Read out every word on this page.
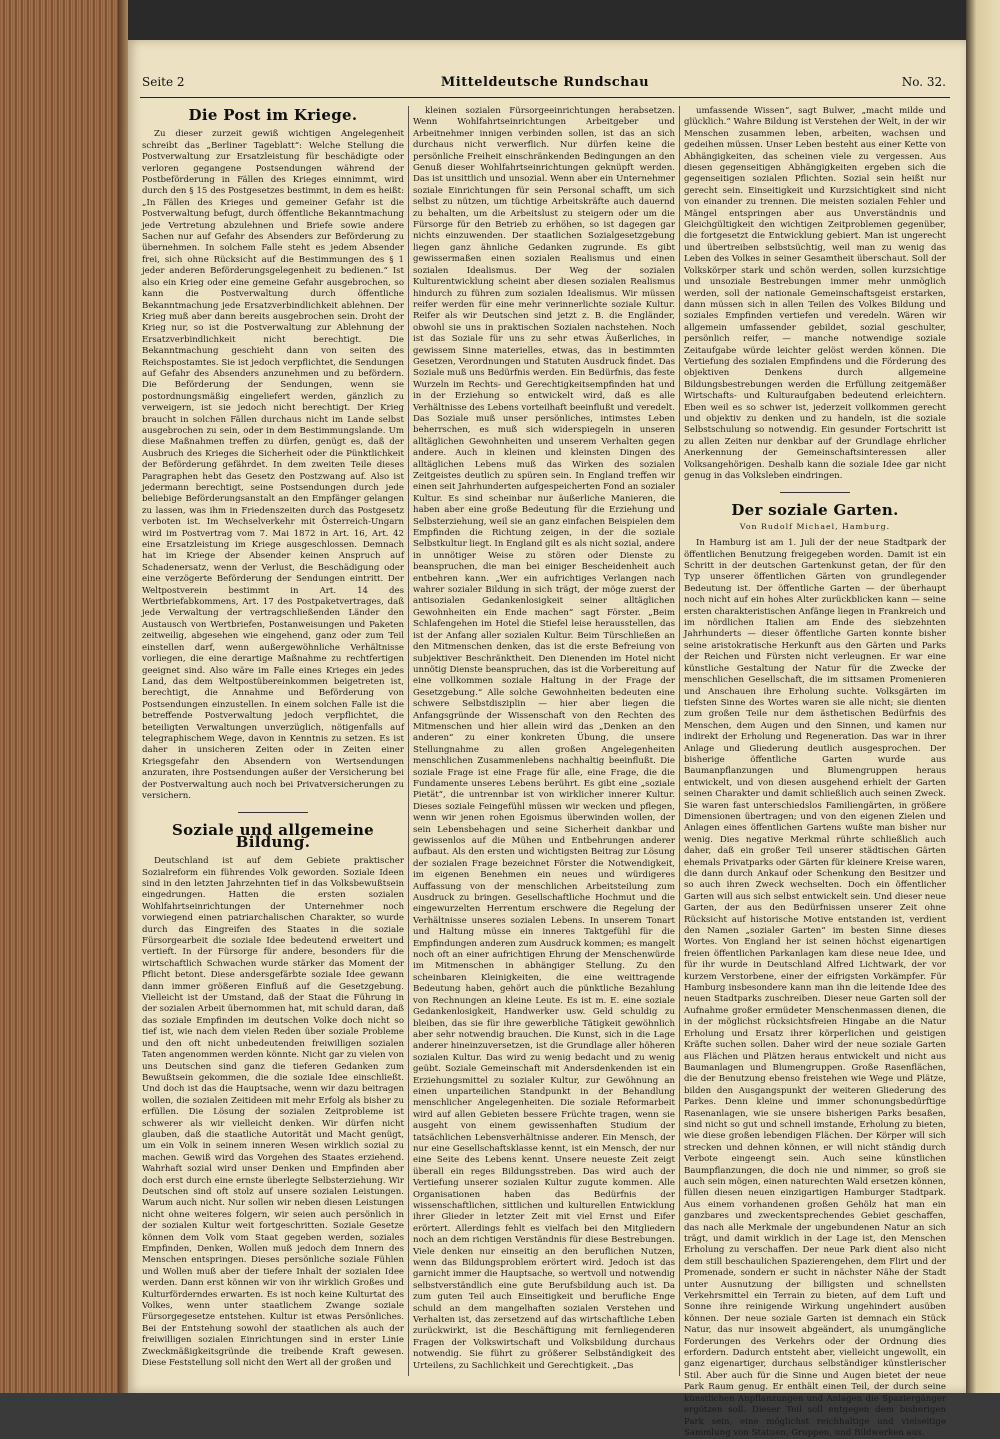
Seite 2	Mitteldeutsche Rundschau	No. 32.
Die Post im Kriege.

Zu dieser zurzeit gewiß wichtigen Angelegenheit schreibt das „Berliner Tageblatt“: Welche Stellung die Postverwaltung zur Ersatzleistung für beschädigte oder verloren gegangene Postsendungen während der Postbeförderung in Fällen des Krieges einnimmt, wird durch den § 15 des Postgesetzes bestimmt, in dem es heißt: „In Fällen des Krieges und gemeiner Gefahr ist die Postverwaltung befugt, durch öffentliche Bekanntmachung jede Vertretung abzulehnen und Briefe sowie andere Sachen nur auf Gefahr des Absenders zur Beförderung zu übernehmen. In solchem Falle steht es jedem Absender frei, sich ohne Rücksicht auf die Bestimmungen des § 1 jeder anderen Beförderungsgelegenheit zu bedienen.“ Ist also ein Krieg oder eine gemeine Gefahr ausgebrochen, so kann die Postverwaltung durch öffentliche Bekanntmachung jede Ersatzverbindlichkeit ablehnen. Der Krieg muß aber dann bereits ausgebrochen sein. Droht der Krieg nur, so ist die Postverwaltung zur Ablehnung der Ersatzverbindlichkeit nicht berechtigt. Die Bekanntmachung geschieht dann von seiten des Reichspostamtes. Sie ist jedoch verpflichtet, die Sendungen auf Gefahr des Absenders anzunehmen und zu befördern. Die Beförderung der Sendungen, wenn sie postordnungsmäßig eingeliefert werden, gänzlich zu verweigern, ist sie jedoch nicht berechtigt. Der Krieg braucht in solchen Fällen durchaus nicht im Lande selbst ausgebrochen zu sein, oder in dem Bestimmungslande. Um diese Maßnahmen treffen zu dürfen, genügt es, daß der Ausbruch des Krieges die Sicherheit oder die Pünktlichkeit der Beförderung gefährdet. In dem zweiten Teile dieses Paragraphen hebt das Gesetz den Postzwang auf. Also ist jedermann berechtigt, seine Postsendungen durch jede beliebige Beförderungsanstalt an den Empfänger gelangen zu lassen, was ihm in Friedenszeiten durch das Postgesetz verboten ist. Im Wechselverkehr mit Österreich-Ungarn wird im Postvertrag vom 7. Mai 1872 in Art. 16, Art. 42 eine Ersatzleistung im Kriege ausgeschlossen. Demnach hat im Kriege der Absender keinen Anspruch auf Schadenersatz, wenn der Verlust, die Beschädigung oder eine verzögerte Beförderung der Sendungen eintritt. Der Weltpostverein bestimmt in Art. 14 des Wertbriefabkommens, Art. 17 des Postpaketvertrages, daß jede Verwaltung der vertragschließenden Länder den Austausch von Wertbriefen, Postanweisungen und Paketen zeitweilig, abgesehen wie eingehend, ganz oder zum Teil einstellen darf, wenn außergewöhnliche Verhältnisse vorliegen, die eine derartige Maßnahme zu rechtfertigen geeignet sind. Also wäre im Falle eines Krieges ein jedes Land, das dem Weltpostübereinkommen beigetreten ist, berechtigt, die Annahme und Beförderung von Postsendungen einzustellen. In einem solchen Falle ist die betreffende Postverwaltung jedoch verpflichtet, die beteiligten Verwaltungen unverzüglich, nötigenfalls auf telegraphischem Wege, davon in Kenntnis zu setzen. Es ist daher in unsicheren Zeiten oder in Zeiten einer Kriegsgefahr den Absendern von Wertsendungen anzuraten, ihre Postsendungen außer der Versicherung bei der Postverwaltung auch noch bei Privatversicherungen zu versichern.

Soziale und allgemeine Bildung.

Deutschland ist auf dem Gebiete praktischer Sozialreform ein führendes Volk geworden. Soziale Ideen sind in den letzten Jahrzehnten tief in das Volksbewußtsein eingedrungen. Hatten die ersten sozialen Wohlfahrtseinrichtungen der Unternehmer noch vorwiegend einen patriarchalischen Charakter, so wurde durch das Eingreifen des Staates in die soziale Fürsorgearbeit die soziale Idee bedeutend erweitert und vertieft. In der Fürsorge für andere, besonders für die wirtschaftlich Schwachen wurde stärker das Moment der Pflicht betont. Diese andersgefärbte soziale Idee gewann dann immer größeren Einfluß auf die Gesetzgebung. Vielleicht ist der Umstand, daß der Staat die Führung in der sozialen Arbeit übernommen hat, mit schuld daran, daß das soziale Empfinden im deutschen Volke doch nicht so tief ist, wie nach dem vielen Reden über soziale Probleme und den oft nicht unbedeutenden freiwilligen sozialen Taten angenommen werden könnte. Nicht gar zu vielen von uns Deutschen sind ganz die tieferen Gedanken zum Bewußtsein gekommen, die die soziale Idee einschließt. Und doch ist das die Hauptsache, wenn wir dazu beitragen wollen, die sozialen Zeitideen mit mehr Erfolg als bisher zu erfüllen. Die Lösung der sozialen Zeitprobleme ist schwerer als wir vielleicht denken. Wir dürfen nicht glauben, daß die staatliche Autorität und Macht genügt, um ein Volk in seinem inneren Wesen wirklich sozial zu machen. Gewiß wird das Vorgehen des Staates erziehend. Wahrhaft sozial wird unser Denken und Empfinden aber doch erst durch eine ernste überlegte Selbsterziehung. Wir Deutschen sind oft stolz auf unsere sozialen Leistungen. Warum auch nicht. Nur sollen wir neben diesen Leistungen nicht ohne weiteres folgern, wir seien auch persönlich in der sozialen Kultur weit fortgeschritten. Soziale Gesetze können dem Volk vom Staat gegeben werden, soziales Empfinden, Denken, Wollen muß jedoch dem Innern des Menschen entspringen. Dieses persönliche soziale Fühlen und Wollen muß aber der tiefere Inhalt der sozialen Idee werden. Dann erst können wir von ihr wirklich Großes und Kulturförderndes erwarten. Es ist noch keine Kulturtat des Volkes, wenn unter staatlichem Zwange soziale Fürsorgegesetze entstehen. Kultur ist etwas Persönliches. Bei der Entstehung sowohl der staatlichen als auch der freiwilligen sozialen Einrichtungen sind in erster Linie Zweckmäßigkeitsgründe die treibende Kraft gewesen. Diese Feststellung soll nicht den Wert all der großen und

kleinen sozialen Fürsorgeeinrichtungen herabsetzen. Wenn Wohlfahrtseinrichtungen Arbeitgeber und Arbeitnehmer innigen verbinden sollen, ist das an sich durchaus nicht verwerflich. Nur dürfen keine die persönliche Freiheit einschränkenden Bedingungen an den Genuß dieser Wohlfahrtseinrichtungen geknüpft werden. Das ist unsittlich und unsozial. Wenn aber ein Unternehmer soziale Einrichtungen für sein Personal schafft, um sich selbst zu nützen, um tüchtige Arbeitskräfte auch dauernd zu behalten, um die Arbeitslust zu steigern oder um die Fürsorge für den Betrieb zu erhöhen, so ist dagegen gar nichts einzuwenden. Der staatlichen Sozialgesetzgebung liegen ganz ähnliche Gedanken zugrunde. Es gibt gewissermaßen einen sozialen Realismus und einen sozialen Idealismus. Der Weg der sozialen Kulturentwicklung scheint aber diesen sozialen Realismus hindurch zu führen zum sozialen Idealismus. Wir müssen reifer werden für eine mehr verinnerlichte soziale Kultur. Reifer als wir Deutschen sind jetzt z. B. die Engländer, obwohl sie uns in praktischen Sozialen nachstehen. Noch ist das Soziale für uns zu sehr etwas Äußerliches, in gewissem Sinne materielles, etwas, das in bestimmten Gesetzen, Verordnungen und Statuten Ausdruck findet. Das Soziale muß uns Bedürfnis werden. Ein Bedürfnis, das feste Wurzeln im Rechts- und Gerechtigkeitsempfinden hat und in der Erziehung so entwickelt wird, daß es alle Verhältnisse des Lebens vorteilhaft beeinflußt und veredelt. Das Soziale muß unser persönliches, intimstes Leben beherrschen, es muß sich widerspiegeln in unseren alltäglichen Gewohnheiten und unserem Verhalten gegen andere. Auch in kleinen und kleinsten Dingen des alltäglichen Lebens muß das Wirken des sozialen Zeitgeistes deutlich zu spüren sein. In England treffen wir einen seit Jahrhunderten aufgespeicherten Fond an sozialer Kultur. Es sind scheinbar nur äußerliche Manieren, die haben aber eine große Bedeutung für die Erziehung und Selbsterziehung, weil sie an ganz einfachen Beispielen dem Empfinden die Richtung zeigen, in der die soziale Selbstkultur liegt. In England gilt es als nicht sozial, andere in unnötiger Weise zu stören oder Dienste zu beanspruchen, die man bei einiger Bescheidenheit auch entbehren kann. „Wer ein aufrichtiges Verlangen nach wahrer sozialer Bildung in sich trägt, der möge zuerst der antisozialen Gedankenlosigkeit seiner alltäglichen Gewohnheiten ein Ende machen“ sagt Förster. „Beim Schlafengehen im Hotel die Stiefel leise herausstellen, das ist der Anfang aller sozialen Kultur. Beim Türschließen an den Mitmenschen denken, das ist die erste Befreiung von subjektiver Beschränktheit. Den Dienenden im Hotel nicht unnötig Dienste beanspruchen, das ist die Vorbereitung auf eine vollkommen soziale Haltung in der Frage der Gesetzgebung.“ Alle solche Gewohnheiten bedeuten eine schwere Selbstdisziplin — hier aber liegen die Anfangsgründe der Wissenschaft von den Rechten des Mitmenschen und hier allein wird das „Denken an den anderen“ zu einer konkreten Übung, die unsere Stellungnahme zu allen großen Angelegenheiten menschlichen Zusammenlebens nachhaltig beeinflußt. Die soziale Frage ist eine Frage für alle, eine Frage, die die Fundamente unseres Lebens berührt. Es gibt eine „soziale Pietät“, die untrennbar ist von wirklicher innerer Kultur. Dieses soziale Feingefühl müssen wir wecken und pflegen, wenn wir jenen rohen Egoismus überwinden wollen, der sein Lebensbehagen und seine Sicherheit dankbar und gewissenlos auf die Mühen und Entbehrungen anderer aufbaut. Als den ersten und wichtigsten Beitrag zur Lösung der sozialen Frage bezeichnet Förster die Notwendigkeit, im eigenen Benehmen ein neues und würdigeres Auffassung von der menschlichen Arbeitsteilung zum Ausdruck zu bringen. Gesellschaftliche Hochmut und die eingewurzelten Herrentum erschwere die Regelung der Verhältnisse unseres sozialen Lebens. In unserem Tonart und Haltung müsse ein inneres Taktgefühl für die Empfindungen anderen zum Ausdruck kommen; es mangelt noch oft an einer aufrichtigen Ehrung der Menschenwürde im Mitmenschen in abhängiger Stellung. Zu den scheinbaren Kleinigkeiten, die eine weittragende Bedeutung haben, gehört auch die pünktliche Bezahlung von Rechnungen an kleine Leute. Es ist m. E. eine soziale Gedankenlosigkeit, Handwerker usw. Geld schuldig zu bleiben, das sie für ihre gewerbliche Tätigkeit gewöhnlich aber sehr notwendig brauchen. Die Kunst, sich in die Lage anderer hineinzuversetzen, ist die Grundlage aller höheren sozialen Kultur. Das wird zu wenig bedacht und zu wenig geübt. Soziale Gemeinschaft mit Andersdenkenden ist ein Erziehungsmittel zu sozialer Kultur, zur Gewöhnung an einen unparteilichen Standpunkt in der Behandlung menschlicher Angelegenheiten. Die soziale Reformarbeit wird auf allen Gebieten bessere Früchte tragen, wenn sie ausgeht von einem gewissenhaften Studium der tatsächlichen Lebensverhältnisse anderer. Ein Mensch, der nur eine Gesellschaftsklasse kennt, ist ein Mensch, der nur eine Seite des Lebens kennt. Unsere neueste Zeit zeigt überall ein reges Bildungsstreben. Das wird auch der Vertiefung unserer sozialen Kultur zugute kommen. Alle Organisationen haben das Bedürfnis der wissenschaftlichen, sittlichen und kulturellen Entwicklung ihrer Glieder in letzter Zeit mit viel Ernst und Eifer erörtert. Allerdings fehlt es vielfach bei den Mitgliedern noch an dem richtigen Verständnis für diese Bestrebungen. Viele denken nur einseitig an den beruflichen Nutzen, wenn das Bildungsproblem erörtert wird. Jedoch ist das garnicht immer die Hauptsache, so wertvoll und notwendig selbstverständlich eine gute Berufsbildung auch ist. Da zum guten Teil auch Einseitigkeit und berufliche Enge schuld an dem mangelhaften sozialen Verstehen und Verhalten ist, das zersetzend auf das wirtschaftliche Leben zurückwirkt, ist die Beschäftigung mit fernliegenderen Fragen der Volkswirtschaft und Volksbildung durchaus notwendig. Sie führt zu größerer Selbständigkeit des Urteilens, zu Sachlichkeit und Gerechtigkeit. „Das

umfassende Wissen“, sagt Bulwer, „macht milde und glücklich.“ Wahre Bildung ist Verstehen der Welt, in der wir Menschen zusammen leben, arbeiten, wachsen und gedeihen müssen. Unser Leben besteht aus einer Kette von Abhängigkeiten, das scheinen viele zu vergessen. Aus diesen gegenseitigen Abhängigkeiten ergeben sich die gegenseitigen sozialen Pflichten. Sozial sein heißt nur gerecht sein. Einseitigkeit und Kurzsichtigkeit sind nicht von einander zu trennen. Die meisten sozialen Fehler und Mängel entspringen aber aus Unverständnis und Gleichgültigkeit den wichtigen Zeitproblemen gegenüber, die fortgesetzt die Entwicklung gebiert. Man ist ungerecht und übertreiben selbstsüchtig, weil man zu wenig das Leben des Volkes in seiner Gesamtheit überschaut. Soll der Volkskörper stark und schön werden, sollen kurzsichtige und unsoziale Bestrebungen immer mehr unmöglich werden, soll der nationale Gemeinschaftsgeist erstarken, dann müssen sich in allen Teilen des Volkes Bildung und soziales Empfinden vertiefen und veredeln. Wären wir allgemein umfassender gebildet, sozial geschulter, persönlich reifer, — manche notwendige soziale Zeitaufgabe würde leichter gelöst werden können. Die Vertiefung des sozialen Empfindens und die Förderung des objektiven Denkens durch allgemeine Bildungsbestrebungen werden die Erfüllung zeitgemäßer Wirtschafts- und Kulturaufgaben bedeutend erleichtern. Eben weil es so schwer ist, jederzeit vollkommen gerecht und objektiv zu denken und zu handeln, ist die soziale Selbstschulung so notwendig. Ein gesunder Fortschritt ist zu allen Zeiten nur denkbar auf der Grundlage ehrlicher Anerkennung der Gemeinschaftsinteressen aller Volksangehörigen. Deshalb kann die soziale Idee gar nicht genug in das Volksleben eindringen.

Der soziale Garten.
Von Rudolf Michael, Hamburg.

In Hamburg ist am 1. Juli der der neue Stadtpark der öffentlichen Benutzung freigegeben worden. Damit ist ein Schritt in der deutschen Gartenkunst getan, der für den Typ unserer öffentlichen Gärten von grundlegender Bedeutung ist. Der öffentliche Garten — der überhaupt noch nicht auf ein hohes Alter zurückblicken kann — seine ersten charakteristischen Anfänge liegen in Frankreich und im nördlichen Italien am Ende des siebzehnten Jahrhunderts — dieser öffentliche Garten konnte bisher seine aristokratische Herkunft aus den Gärten und Parks der Reichen und Fürsten nicht verleugnen. Er war eine künstliche Gestaltung der Natur für die Zwecke der menschlichen Gesellschaft, die im sittsamen Promenieren und Anschauen ihre Erholung suchte. Volksgärten im tiefsten Sinne des Wortes waren sie alle nicht; sie dienten zum großen Teile nur dem ästhetischen Bedürfnis des Menschen, dem Augen und den Sinnen, und kamen nur indirekt der Erholung und Regeneration. Das war in ihrer Anlage und Gliederung deutlich ausgesprochen. Der bisherige öffentliche Garten wurde aus Baumanpflanzungen und Blumengruppen heraus entwickelt, und von diesen ausgehend erhielt der Garten seinen Charakter und damit schließlich auch seinen Zweck. Sie waren fast unterschiedslos Familiengärten, in größere Dimensionen übertragen; und von den eigenen Zielen und Anlagen eines öffentlichen Gartens wußte man bisher nur wenig. Dies negative Merkmal rührte schließlich auch daher, daß ein großer Teil unserer städtischen Gärten ehemals Privatparks oder Gärten für kleinere Kreise waren, die dann durch Ankauf oder Schenkung den Besitzer und so auch ihren Zweck wechselten. Doch ein öffentlicher Garten will aus sich selbst entwickelt sein. Und dieser neue Garten, der aus den Bedürfnissen unserer Zeit ohne Rücksicht auf historische Motive entstanden ist, verdient den Namen „sozialer Garten“ im besten Sinne dieses Wortes. Von England her ist seinen höchst eigenartigen freien öffentlichen Parkanlagen kam diese neue Idee, und für ihr wurde in Deutschland Alfred Lichtwark, der vor kurzem Verstorbene, einer der eifrigsten Vorkämpfer. Für Hamburg insbesondere kann man ihn die leitende Idee des neuen Stadtparks zuschreiben. Dieser neue Garten soll der Aufnahme großer ermüdeter Menschenmassen dienen, die in der möglichst rücksichtsfreien Hingabe an die Natur Erholung und Ersatz ihrer körperlichen und geistigen Kräfte suchen sollen. Daher wird der neue soziale Garten aus Flächen und Plätzen heraus entwickelt und nicht aus Baumanlagen und Blumengruppen. Große Rasenflächen, die der Benutzung ebenso freistehen wie Wege und Plätze, bilden den Ausgangspunkt der weiteren Gliederung des Parkes. Denn kleine und immer schonungsbedürftige Rasenanlagen, wie sie unsere bisherigen Parks besaßen, sind nicht so gut und schnell imstande, Erholung zu bieten, wie diese großen lebendigen Flächen. Der Körper will sich strecken und dehnen können, er will nicht ständig durch Verbote eingeengt sein. Auch seine künstlichen Baumpflanzungen, die doch nie und nimmer, so groß sie auch sein mögen, einen naturechten Wald ersetzen können, füllen diesen neuen einzigartigen Hamburger Stadtpark. Aus einem vorhandenen großen Gehölz hat man ein ganzbares und zweckentsprechendes Gebiet geschaffen, das nach alle Merkmale der ungebundenen Natur an sich trägt, und damit wirklich in der Lage ist, den Menschen Erholung zu verschaffen. Der neue Park dient also nicht dem still beschaulichen Spazierengehen, dem Flirt und der Promenade, sondern er sucht in nächster Nähe der Stadt unter Ausnutzung der billigsten und schnellsten Verkehrsmittel ein Terrain zu bieten, auf dem Luft und Sonne ihre reinigende Wirkung ungehindert ausüben können. Der neue soziale Garten ist demnach ein Stück Natur, das nur insoweit abgeändert, als unumgängliche Forderungen des Verkehrs oder der Ordnung dies erfordern. Dadurch entsteht aber, vielleicht ungewollt, ein ganz eigenartiger, durchaus selbständiger künstlerischer Stil. Aber auch für die Sinne und Augen bietet der neue Park Raum genug. Er enthält einen Teil, der durch seine künstlichen Anpflanzungen und Anlagen die Spaziergänger ergötzen soll. Dieser Teil soll entgegen dem bisherigen Park sein, eine möglichst reichhaltige und vielseitige Sammlung von Statuen, Gruppen, und Bildwerken aus.
